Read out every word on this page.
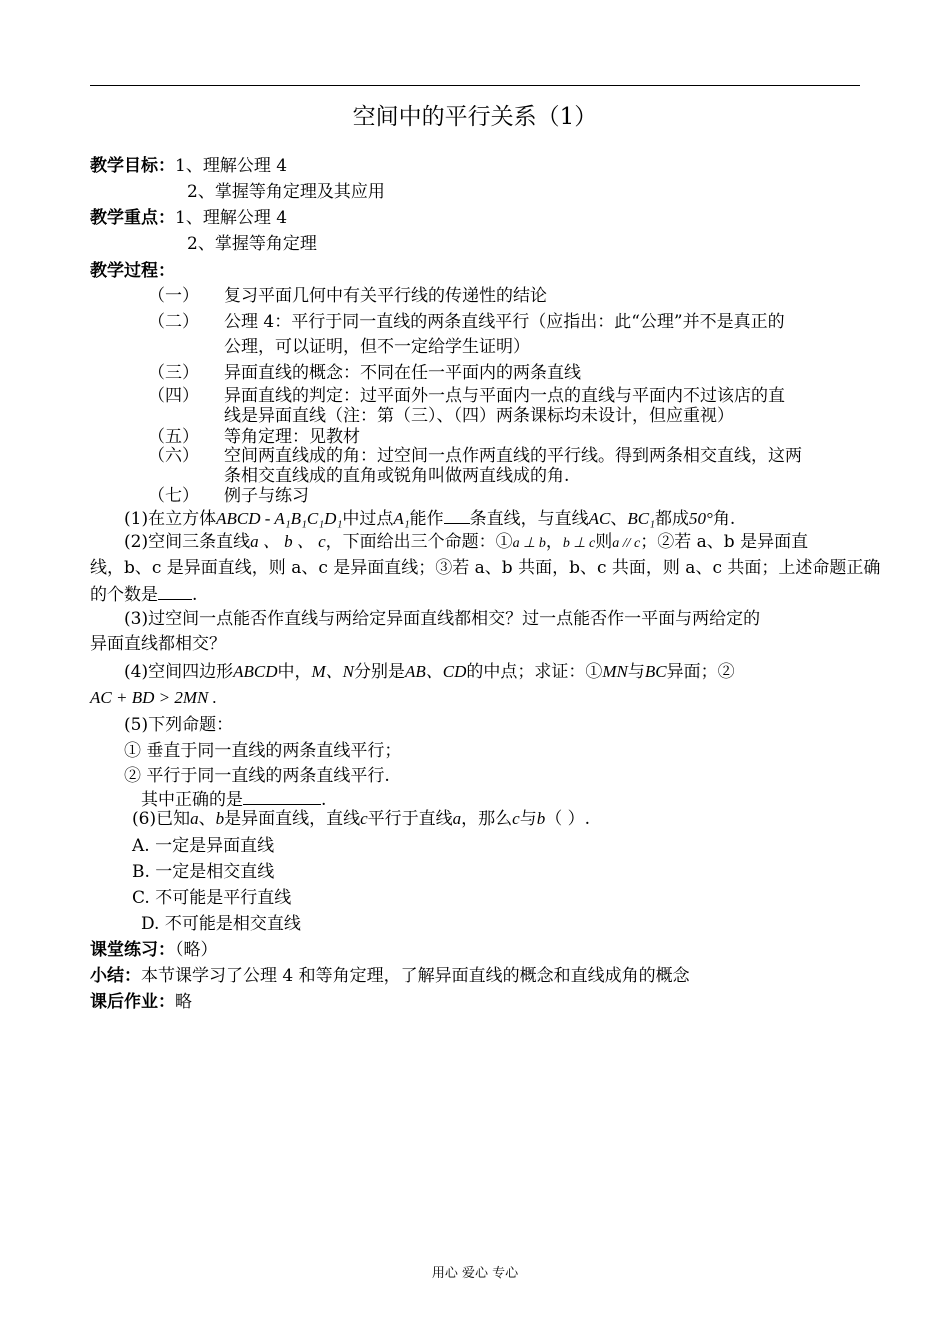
空间中的平行关系（1）
教学目标：1、理解公理 4
2、掌握等角定理及其应用
教学重点：1、理解公理 4
2、掌握等角定理
教学过程：
（一） 复习平面几何中有关平行线的传递性的结论
（二） 公理 4：平行于同一直线的两条直线平行（应指出：此“公理”并不是真正的
公理，可以证明，但不一定给学生证明）
（三） 异面直线的概念：不同在任一平面内的两条直线
（四） 异面直线的判定：过平面外一点与平面内一点的直线与平面内不过该店的直
线是异面直线（注：第（三）、（四）两条课标均未设计，但应重视）
（五） 等角定理：见教材
（六） 空间两直线成的角：过空间一点作两直线的平行线。得到两条相交直线，这两
条相交直线成的直角或锐角叫做两直线成的角.
（七） 例子与练习
(1)在立方体ABCD - A₁B₁C₁D₁中过点A₁能作 条直线，与直线AC、BC₁都成50°角.
(2)空间三条直线a 、 b 、 c，下面给出三个命题：①a ⊥ b，b ⊥ c则a // c；②若 a、b 是异面直
线，b、c 是异面直线，则 a、c 是异面直线；③若 a、b 共面，b、c 共面，则 a、c 共面；上述命题正确
的个数是 .
(3)过空间一点能否作直线与两给定异面直线都相交？过一点能否作一平面与两给定的
异面直线都相交？
(4)空间四边形ABCD中，M、N分别是AB、CD的中点；求证：①MN与BC异面；②
AC + BD > 2MN .
(5)下列命题：
① 垂直于同一直线的两条直线平行；
② 平行于同一直线的两条直线平行.
其中正确的是	.
(6)已知a、b是异面直线，直线c平行于直线a，那么c与b（ ）.
A. 一定是异面直线
B. 一定是相交直线
C. 不可能是平行直线
D. 不可能是相交直线
课堂练习：（略）
小结：本节课学习了公理 4 和等角定理，了解异面直线的概念和直线成角的概念
课后作业：略
用心 爱心 专心
